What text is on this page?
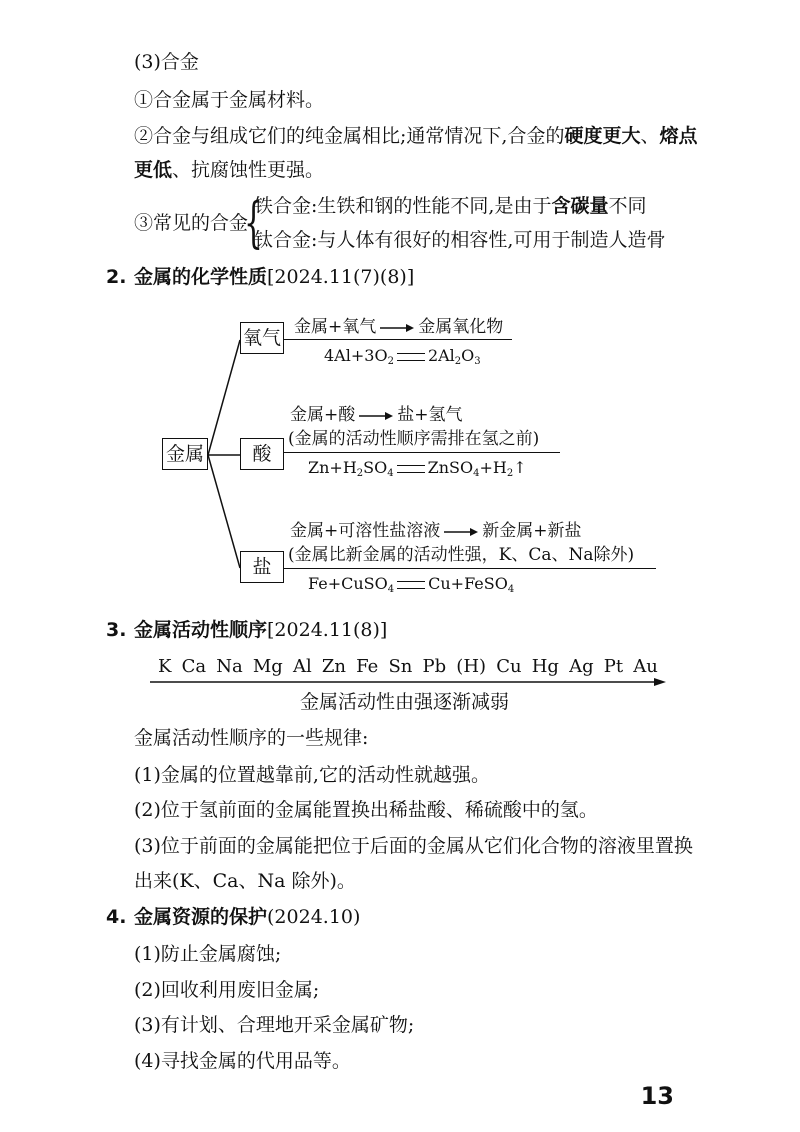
(3)合金
①合金属于金属材料。
②合金与组成它们的纯金属相比;通常情况下,合金的硬度更大、熔点
更低、抗腐蚀性更强。
③常见的合金
{
铁合金:生铁和钢的性能不同,是由于含碳量不同
钛合金:与人体有很好的相容性,可用于制造人造骨
2. 金属的化学性质[2024.11(7)(8)]
金属
氧气
酸
盐
金属+氧气 金属氧化物
$4Al+3O_2$ $2Al_2O_3$
金属+酸 盐+氢气
(金属的活动性顺序需排在氢之前)
$Zn+H_2SO_4$ $ZnSO_4+H_2↑$
金属+可溶性盐溶液 新金属+新盐
(金属比新金属的活动性强，K、Ca、Na除外)
Fe+CuSO$_4$ Cu+FeSO$_4$
3. 金属活动性顺序[2024.11(8)]
K Ca Na Mg Al Zn Fe Sn Pb (H) Cu Hg Ag Pt Au
金属活动性由强逐渐减弱
金属活动性顺序的一些规律:
(1)金属的位置越靠前,它的活动性就越强。
(2)位于氢前面的金属能置换出稀盐酸、稀硫酸中的氢。
(3)位于前面的金属能把位于后面的金属从它们化合物的溶液里置换
出来(K、Ca、Na 除外)。
4. 金属资源的保护(2024.10)
(1)防止金属腐蚀;
(2)回收利用废旧金属;
(3)有计划、合理地开采金属矿物;
(4)寻找金属的代用品等。
13
